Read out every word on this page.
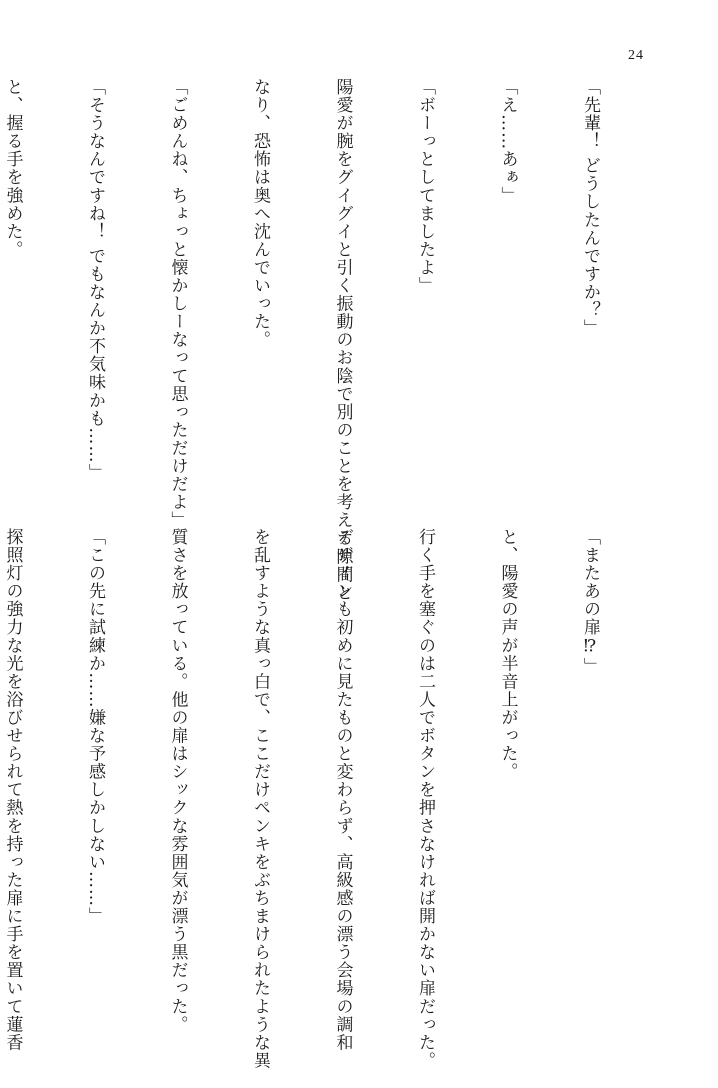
24

「先輩！ どうしたんですか？」

「え……あぁ」

「ボーっとしてましたよ」

陽愛が腕をグイグイと引く振動のお陰で別のことを考える隙間と

なり、恐怖は奥へ沈んでいった。

「ごめんね、ちょっと懐かしーなって思っただけだよ」

「そうなんですね！ でもなんか不気味かも……」

と、握る手を強めた。

「またあの扉⁉」

と、陽愛の声が半音上がった。

行く手を塞ぐのは二人でボタンを押さなければ開かない扉だった。

デザインも初めに見たものと変わらず、高級感の漂う会場の調和

を乱すような真っ白で、ここだけペンキをぶちまけられたような異

質さを放っている。他の扉はシックな雰囲気が漂う黒だった。

「この先に試練か……嫌な予感しかしない……」

探照灯の強力な光を浴びせられて熱を持った扉に手を置いて蓮香
